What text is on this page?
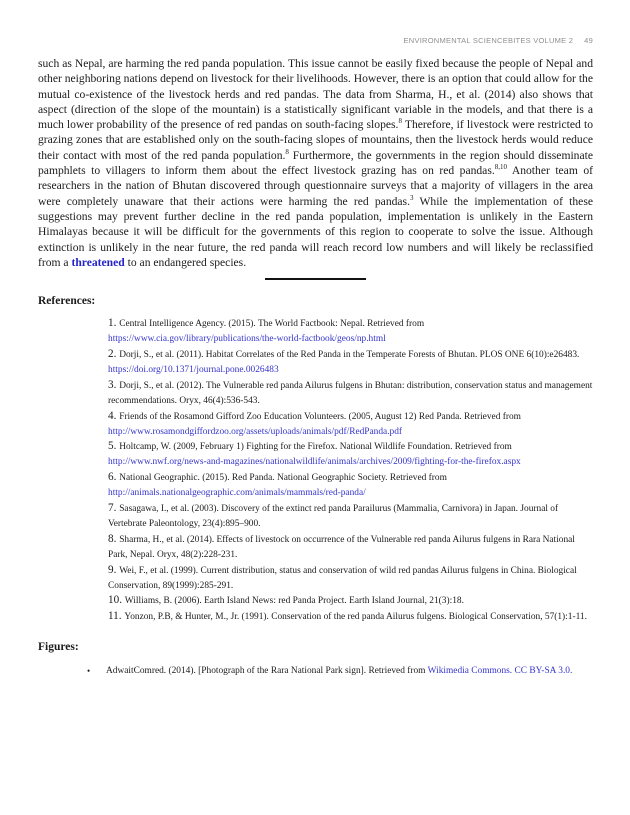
ENVIRONMENTAL SCIENCEBITES VOLUME 2 49

such as Nepal, are harming the red panda population. This issue cannot be easily fixed because the people of Nepal and other neighboring nations depend on livestock for their livelihoods. However, there is an option that could allow for the mutual co-existence of the livestock herds and red pandas. The data from Sharma, H., et al. (2014) also shows that aspect (direction of the slope of the mountain) is a statistically significant variable in the models, and that there is a much lower probability of the presence of red pandas on south-facing slopes.$^8$ Therefore, if livestock were restricted to grazing zones that are established only on the south-facing slopes of mountains, then the livestock herds would reduce their contact with most of the red panda population.$^8$ Furthermore, the governments in the region should disseminate pamphlets to villagers to inform them about the effect livestock grazing has on red pandas.$^{8,10}$ Another team of researchers in the nation of Bhutan discovered through questionnaire surveys that a majority of villagers in the area were completely unaware that their actions were harming the red pandas.$^3$ While the implementation of these suggestions may prevent further decline in the red panda population, implementation is unlikely in the Eastern Himalayas because it will be difficult for the governments of this region to cooperate to solve the issue. Although extinction is unlikely in the near future, the red panda will reach record low numbers and will likely be reclassified from a threatened to an endangered species.

References:
1. Central Intelligence Agency. (2015). The World Factbook: Nepal. Retrieved from https://www.cia.gov/library/publications/the-world-factbook/geos/np.html
2. Dorji, S., et al. (2011). Habitat Correlates of the Red Panda in the Temperate Forests of Bhutan. PLOS ONE 6(10):e26483. https://doi.org/10.1371/journal.pone.0026483
3. Dorji, S., et al. (2012). The Vulnerable red panda Ailurus fulgens in Bhutan: distribution, conservation status and management recommendations. Oryx, 46(4):536-543.
4. Friends of the Rosamond Gifford Zoo Education Volunteers. (2005, August 12) Red Panda. Retrieved from http://www.rosamondgiffordzoo.org/assets/uploads/animals/pdf/RedPanda.pdf
5. Holtcamp, W. (2009, February 1) Fighting for the Firefox. National Wildlife Foundation. Retrieved from http://www.nwf.org/news-and-magazines/nationalwildlife/animals/archives/2009/fighting-for-the-firefox.aspx
6. National Geographic. (2015). Red Panda. National Geographic Society. Retrieved from http://animals.nationalgeographic.com/animals/mammals/red-panda/
7. Sasagawa, I., et al. (2003). Discovery of the extinct red panda Parailurus (Mammalia, Carnivora) in Japan. Journal of Vertebrate Paleontology, 23(4):895–900.
8. Sharma, H., et al. (2014). Effects of livestock on occurrence of the Vulnerable red panda Ailurus fulgens in Rara National Park, Nepal. Oryx, 48(2):228-231.
9. Wei, F., et al. (1999). Current distribution, status and conservation of wild red pandas Ailurus fulgens in China. Biological Conservation, 89(1999):285-291.
10. Williams, B. (2006). Earth Island News: red Panda Project. Earth Island Journal, 21(3):18.
11. Yonzon, P.B, & Hunter, M., Jr. (1991). Conservation of the red panda Ailurus fulgens. Biological Conservation, 57(1):1-11.
Figures:
• AdwaitComred. (2014). [Photograph of the Rara National Park sign]. Retrieved from Wikimedia Commons. CC BY-SA 3.0.
